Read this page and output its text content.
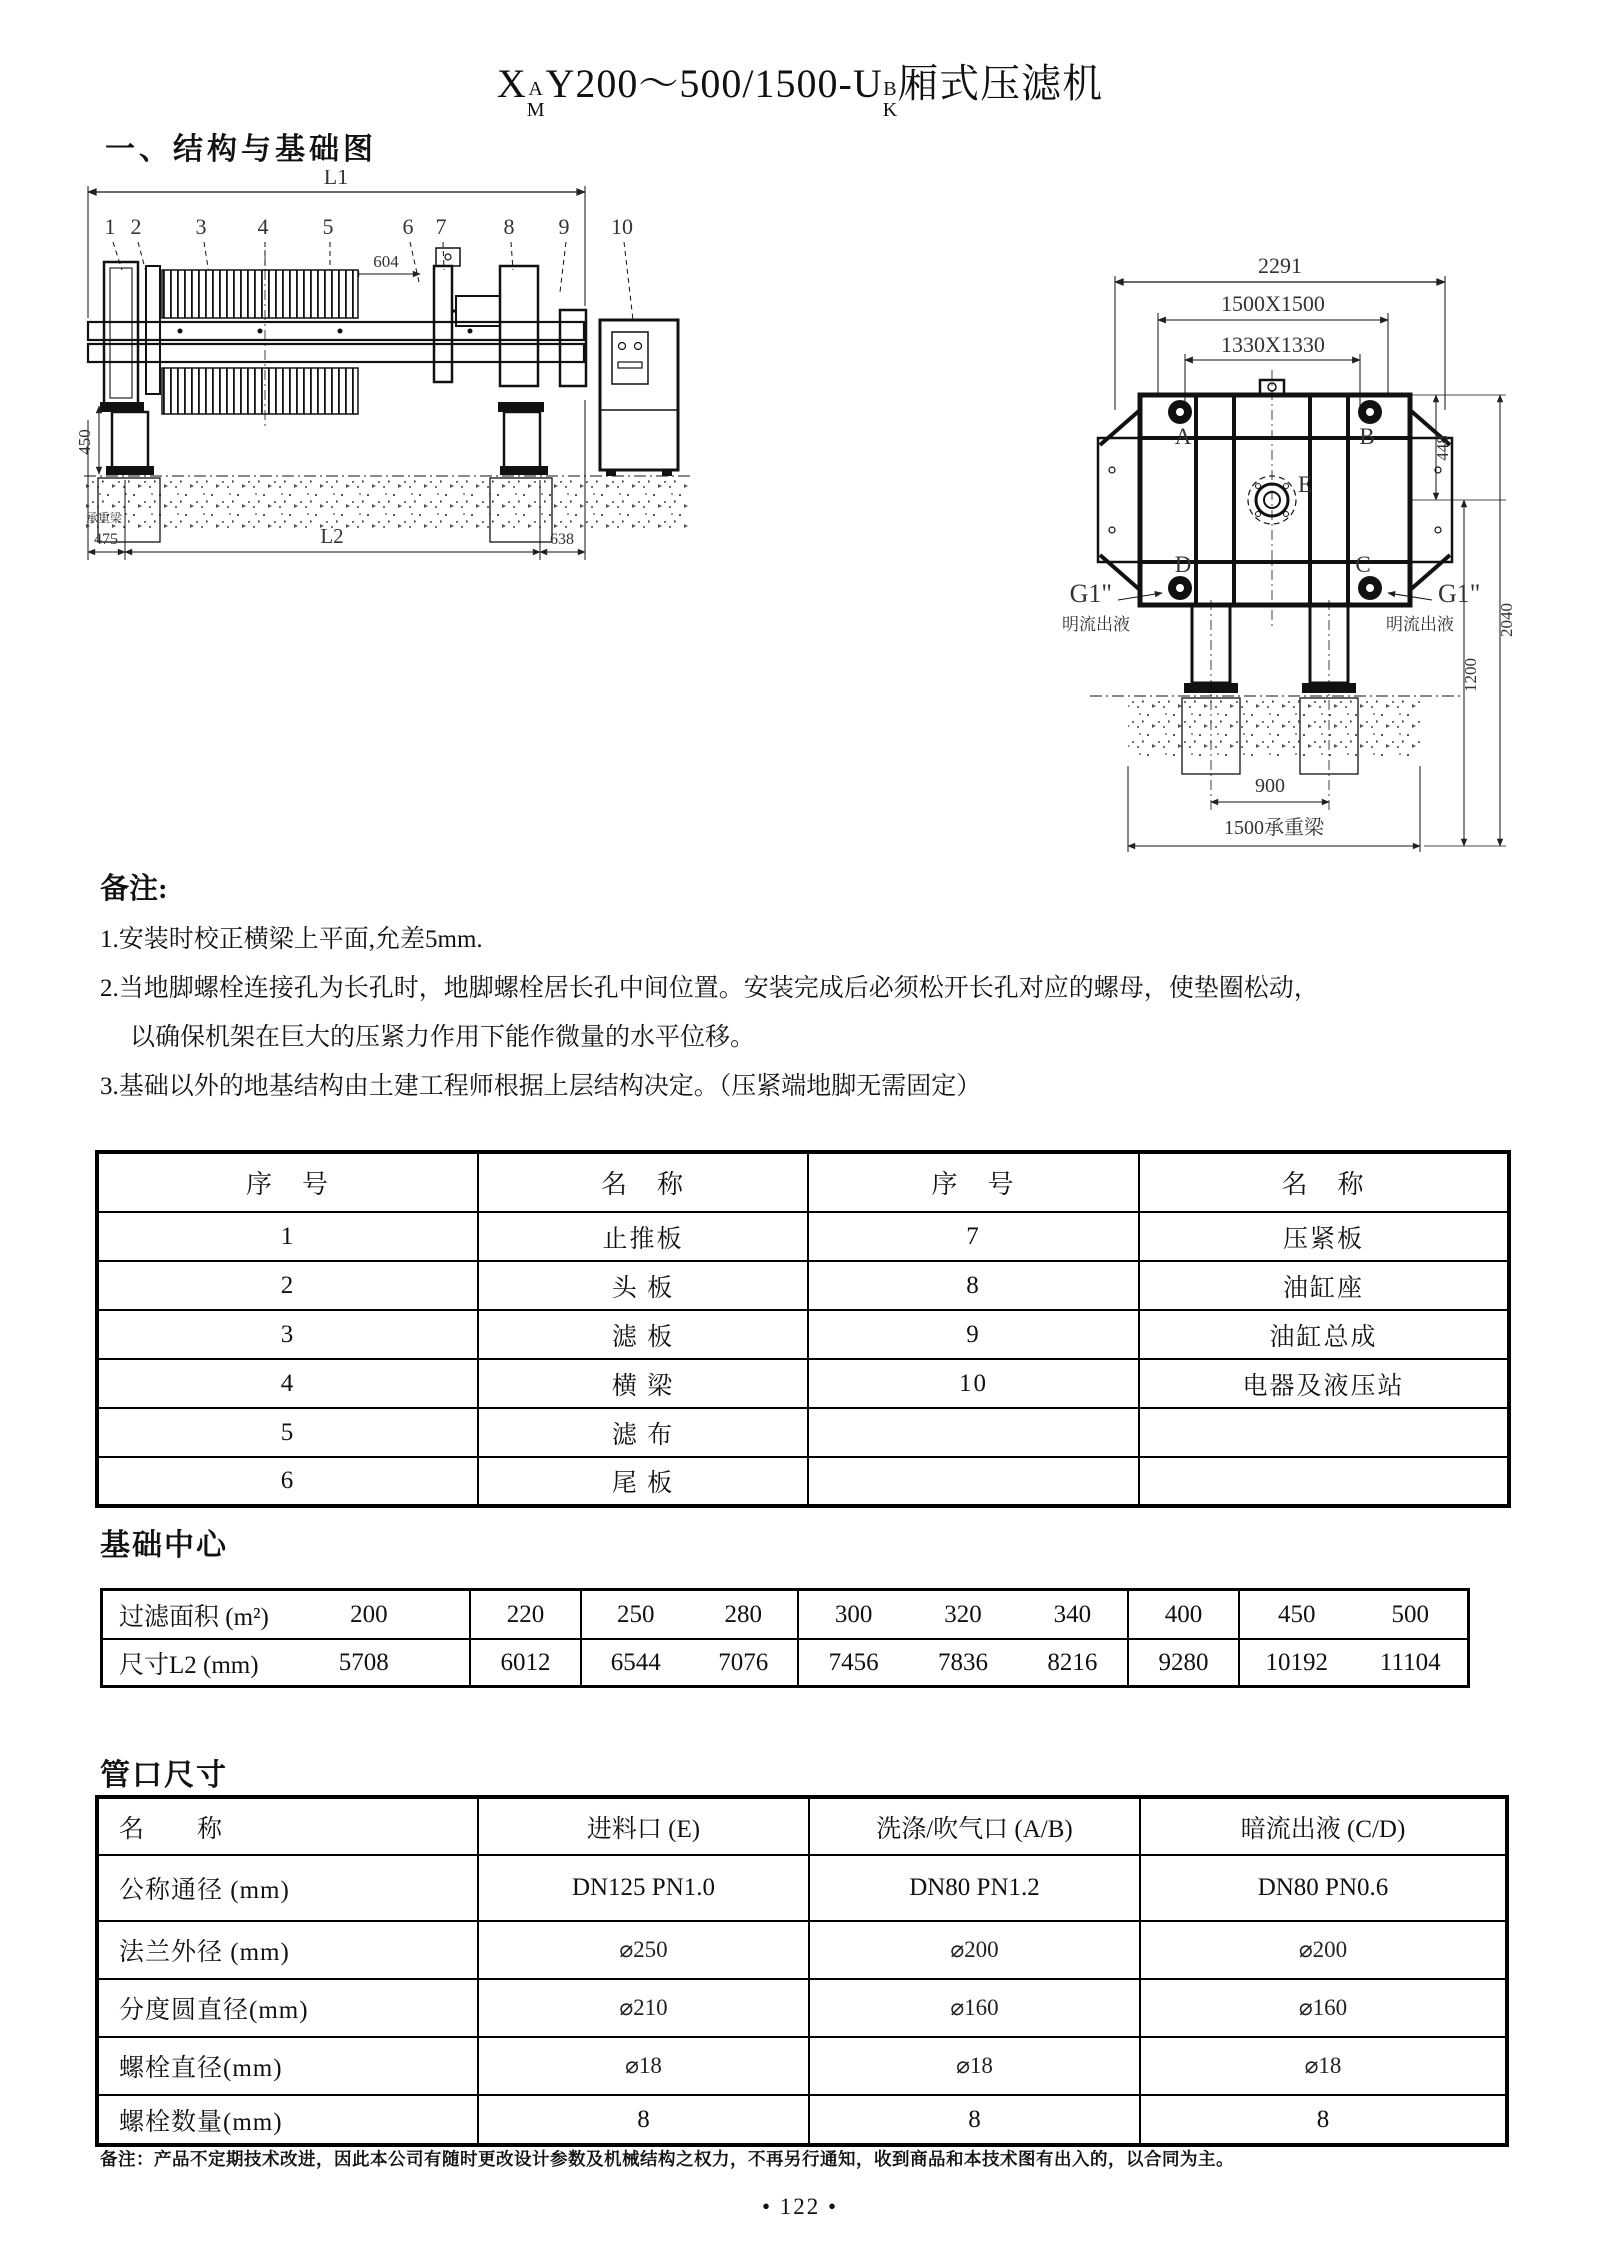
X A
M
Y200～500/1500-U B
K
厢式压滤机
一、结构与基础图
L1
1 2 3 4 5	6 7	8 9 10
604
450
475	L2	638
承重梁
2291
1500X1500
1330X1330
A	B
E
D	C
G1"	G1"
明流出液	明流出液
448
1200
2040
900
1500承重梁
备注:
1.安装时校正横梁上平面,允差5mm.
2.当地脚螺栓连接孔为长孔时，地脚螺栓居长孔中间位置。安装完成后必须松开长孔对应的螺母，使垫圈松动，
以确保机架在巨大的压紧力作用下能作微量的水平位移。
3.基础以外的地基结构由土建工程师根据上层结构决定。（压紧端地脚无需固定）
序　号	名　称	序　号	名　称
1	止推板	7	压紧板
2	头 板	8	油缸座
3	滤 板	9	油缸总成
4	横 梁	10	电器及液压站
5	滤 布		
6	尾 板		
基础中心
过滤面积 (m²)	200	220	250	280	300	320	340	400	450	500
尺寸L2 (mm)	5708	6012	6544	7076	7456	7836	8216	9280	10192	11104
管口尺寸
名　　称	进料口 (E)	洗涤/吹气口 (A/B)	暗流出液 (C/D)
公称通径 (mm)	DN125 PN1.0	DN80 PN1.2	DN80 PN0.6
法兰外径 (mm)	⌀250	⌀200	⌀200
分度圆直径(mm)	⌀210	⌀160	⌀160
螺栓直径(mm)	⌀18	⌀18	⌀18
螺栓数量(mm)	8	8	8
备注：产品不定期技术改进，因此本公司有随时更改设计参数及机械结构之权力，不再另行通知，收到商品和本技术图有出入的，以合同为主。
• 122 •
